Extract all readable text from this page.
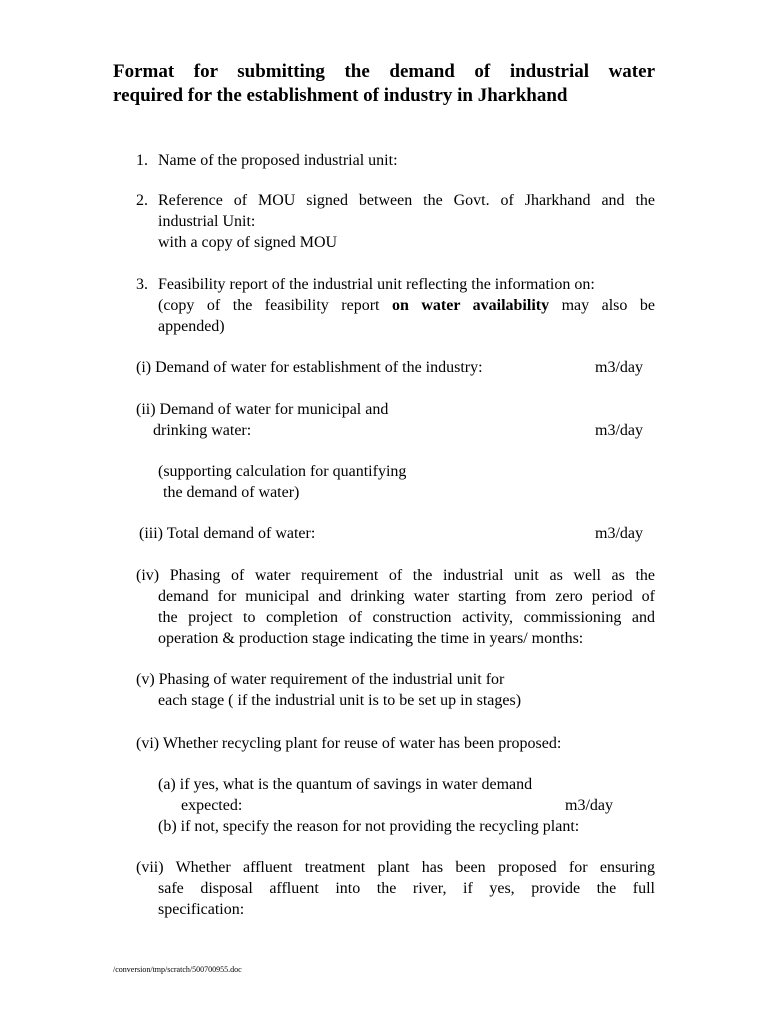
Format for submitting the demand of industrial water
required for the establishment of industry in Jharkhand
1. Name of the proposed industrial unit:
2. Reference of MOU signed between the Govt. of Jharkhand and the
industrial Unit:
with a copy of signed MOU
3. Feasibility report of the industrial unit reflecting the information on:
(copy of the feasibility report on water availability may also be
appended)
(i) Demand of water for establishment of the industry:	m3/day
(ii) Demand of water for municipal and
drinking water:	m3/day
(supporting calculation for quantifying
the demand of water)
(iii) Total demand of water:	m3/day
(iv) Phasing of water requirement of the industrial unit as well as the
demand for municipal and drinking water starting from zero period of
the project to completion of construction activity, commissioning and
operation & production stage indicating the time in years/ months:
(v) Phasing of water requirement of the industrial unit for
each stage ( if the industrial unit is to be set up in stages)
(vi) Whether recycling plant for reuse of water has been proposed:
(a) if yes, what is the quantum of savings in water demand
expected:	m3/day
(b) if not, specify the reason for not providing the recycling plant:
(vii) Whether affluent treatment plant has been proposed for ensuring
safe disposal affluent into the river, if yes, provide the full
specification:
/conversion/tmp/scratch/500700955.doc
